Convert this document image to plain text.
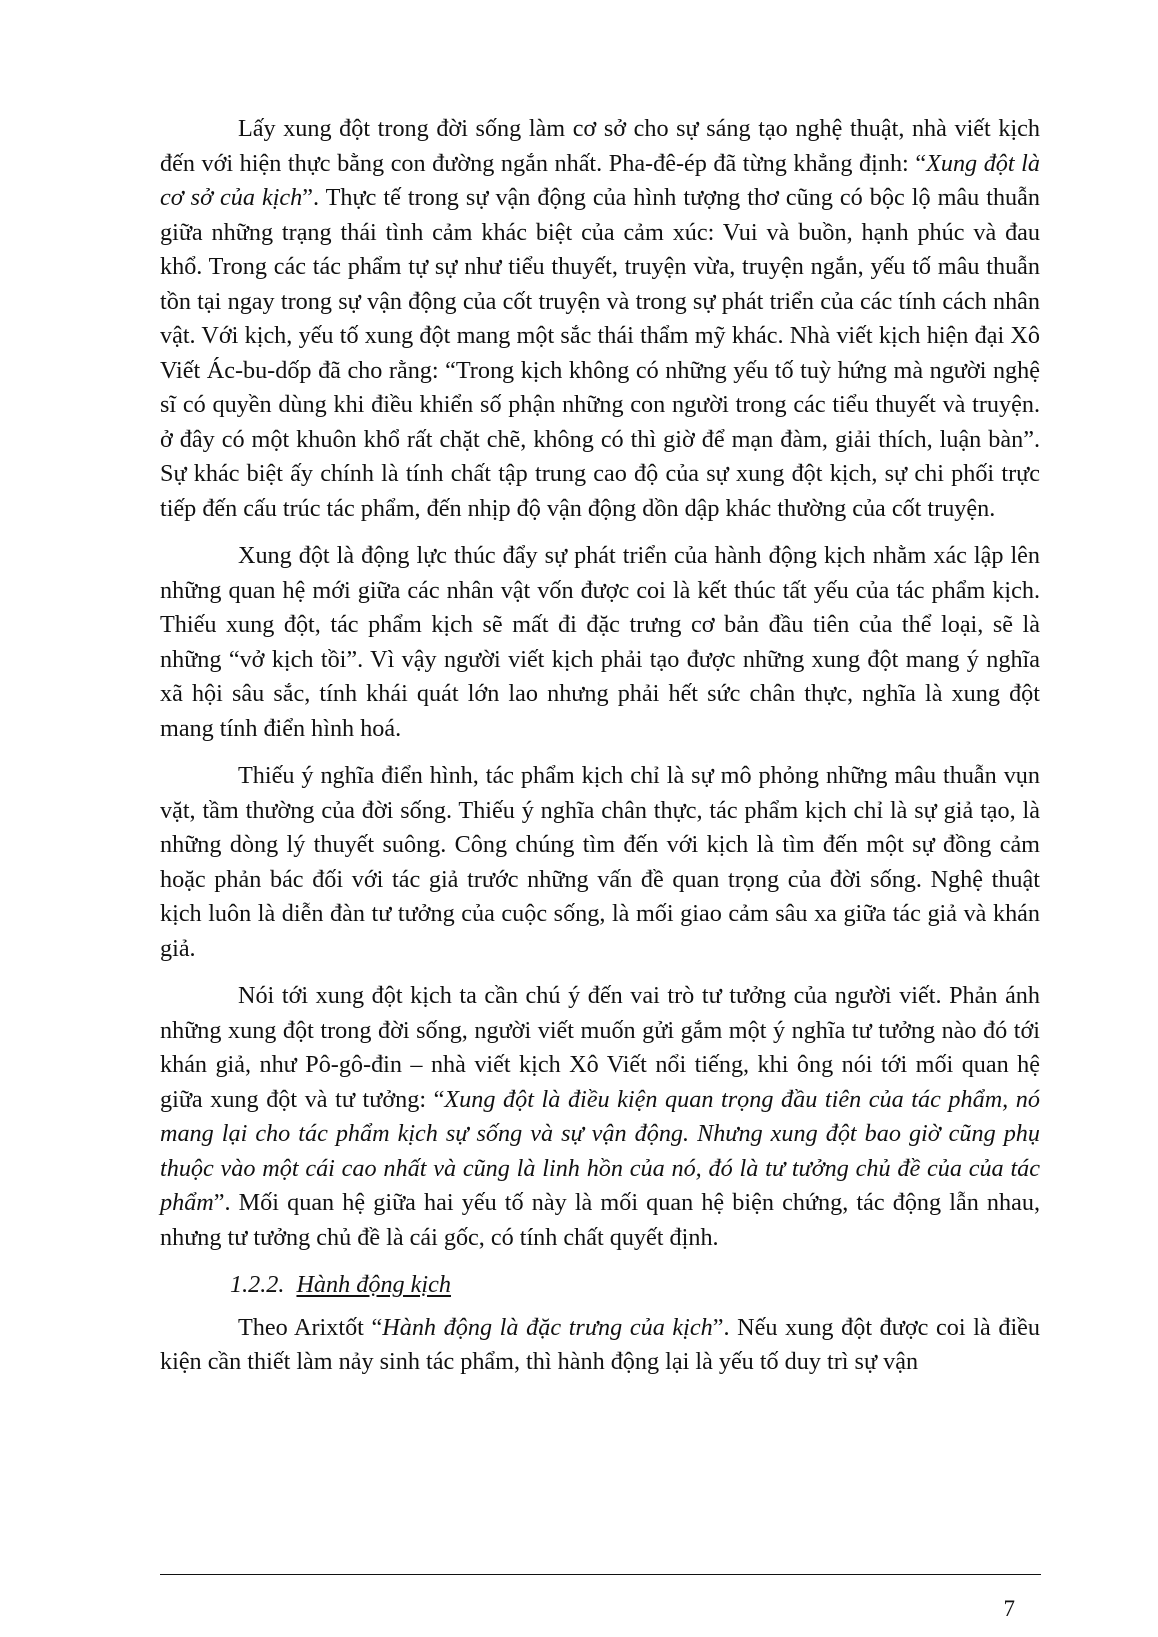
Lấy xung đột trong đời sống làm cơ sở cho sự sáng tạo nghệ thuật, nhà viết kịch đến với hiện thực bằng con đường ngắn nhất. Pha-đê-ép đã từng khẳng định: “Xung đột là cơ sở của kịch”. Thực tế trong sự vận động của hình tượng thơ cũng có bộc lộ mâu thuẫn giữa những trạng thái tình cảm khác biệt của cảm xúc: Vui và buồn, hạnh phúc và đau khổ. Trong các tác phẩm tự sự như tiểu thuyết, truyện vừa, truyện ngắn, yếu tố mâu thuẫn tồn tại ngay trong sự vận động của cốt truyện và trong sự phát triển của các tính cách nhân vật. Với kịch, yếu tố xung đột mang một sắc thái thẩm mỹ khác. Nhà viết kịch hiện đại Xô Viết Ác-bu-dốp đã cho rằng: “Trong kịch không có những yếu tố tuỳ hứng mà người nghệ sĩ có quyền dùng khi điều khiển số phận những con người trong các tiểu thuyết và truyện. ở đây có một khuôn khổ rất chặt chẽ, không có thì giờ để mạn đàm, giải thích, luận bàn”. Sự khác biệt ấy chính là tính chất tập trung cao độ của sự xung đột kịch, sự chi phối trực tiếp đến cấu trúc tác phẩm, đến nhịp độ vận động dồn dập khác thường của cốt truyện.

Xung đột là động lực thúc đẩy sự phát triển của hành động kịch nhằm xác lập lên những quan hệ mới giữa các nhân vật vốn được coi là kết thúc tất yếu của tác phẩm kịch. Thiếu xung đột, tác phẩm kịch sẽ mất đi đặc trưng cơ bản đầu tiên của thể loại, sẽ là những “vở kịch tồi”. Vì vậy người viết kịch phải tạo được những xung đột mang ý nghĩa xã hội sâu sắc, tính khái quát lớn lao nhưng phải hết sức chân thực, nghĩa là xung đột mang tính điển hình hoá.

Thiếu ý nghĩa điển hình, tác phẩm kịch chỉ là sự mô phỏng những mâu thuẫn vụn vặt, tầm thường của đời sống. Thiếu ý nghĩa chân thực, tác phẩm kịch chỉ là sự giả tạo, là những dòng lý thuyết suông. Công chúng tìm đến với kịch là tìm đến một sự đồng cảm hoặc phản bác đối với tác giả trước những vấn đề quan trọng của đời sống. Nghệ thuật kịch luôn là diễn đàn tư tưởng của cuộc sống, là mối giao cảm sâu xa giữa tác giả và khán giả.

Nói tới xung đột kịch ta cần chú ý đến vai trò tư tưởng của người viết. Phản ánh những xung đột trong đời sống, người viết muốn gửi gắm một ý nghĩa tư tưởng nào đó tới khán giả, như Pô-gô-đin – nhà viết kịch Xô Viết nổi tiếng, khi ông nói tới mối quan hệ giữa xung đột và tư tưởng: “Xung đột là điều kiện quan trọng đầu tiên của tác phẩm, nó mang lại cho tác phẩm kịch sự sống và sự vận động. Nhưng xung đột bao giờ cũng phụ thuộc vào một cái cao nhất và cũng là linh hồn của nó, đó là tư tưởng chủ đề của của tác phẩm”. Mối quan hệ giữa hai yếu tố này là mối quan hệ biện chứng, tác động lẫn nhau, nhưng tư tưởng chủ đề là cái gốc, có tính chất quyết định.

1.2.2. Hành động kịch

Theo Arixtốt “Hành động là đặc trưng của kịch”. Nếu xung đột được coi là điều kiện cần thiết làm nảy sinh tác phẩm, thì hành động lại là yếu tố duy trì sự vận

7
